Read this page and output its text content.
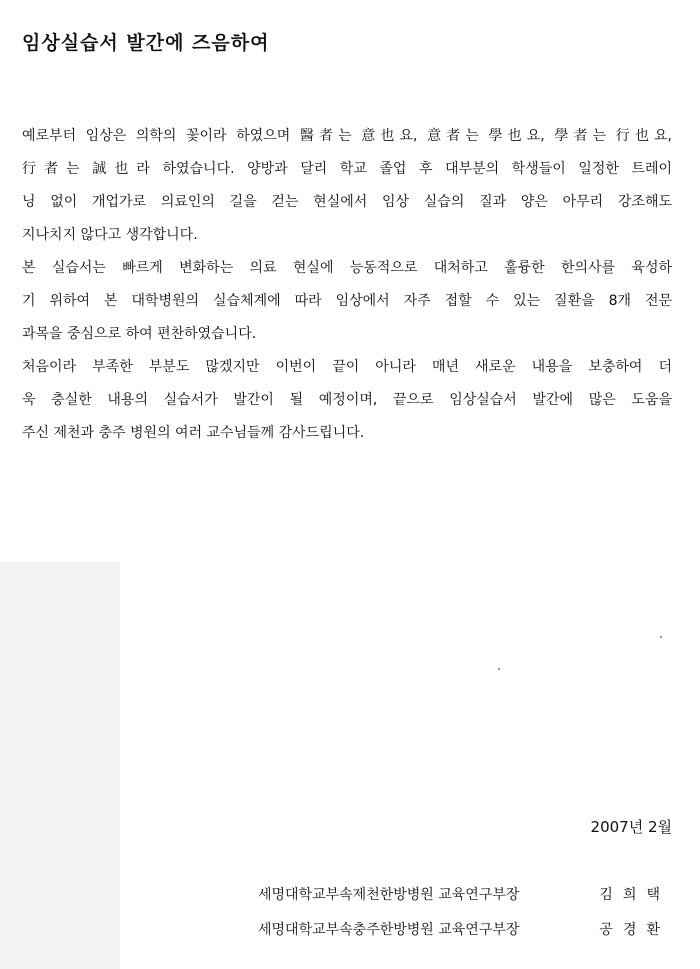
임상실습서 발간에 즈음하여
예로부터 임상은 의학의 꽃이라 하였으며 醫者는 意也요, 意者는 學也요, 學者는 行也요,
行者는 誠也라 하였습니다. 양방과 달리 학교 졸업 후 대부분의 학생들이 일정한 트레이
닝 없이 개업가로 의료인의 길을 걷는 현실에서 임상 실습의 질과 양은 아무리 강조해도
지나치지 않다고 생각합니다.
본 실습서는 빠르게 변화하는 의료 현실에 능동적으로 대처하고 훌륭한 한의사를 육성하
기 위하여 본 대학병원의 실습체계에 따라 임상에서 자주 접할 수 있는 질환을 8개 전문
과목을 중심으로 하여 편찬하였습니다.
처음이라 부족한 부분도 많겠지만 이번이 끝이 아니라 매년 새로운 내용을 보충하여 더
욱 충실한 내용의 실습서가 발간이 될 예정이며, 끝으로 임상실습서 발간에 많은 도움을
주신 제천과 충주 병원의 여러 교수님들께 감사드립니다.
2007년 2월
세명대학교부속제천한방병원 교육연구부장	김희택
세명대학교부속충주한방병원 교육연구부장	공경환
